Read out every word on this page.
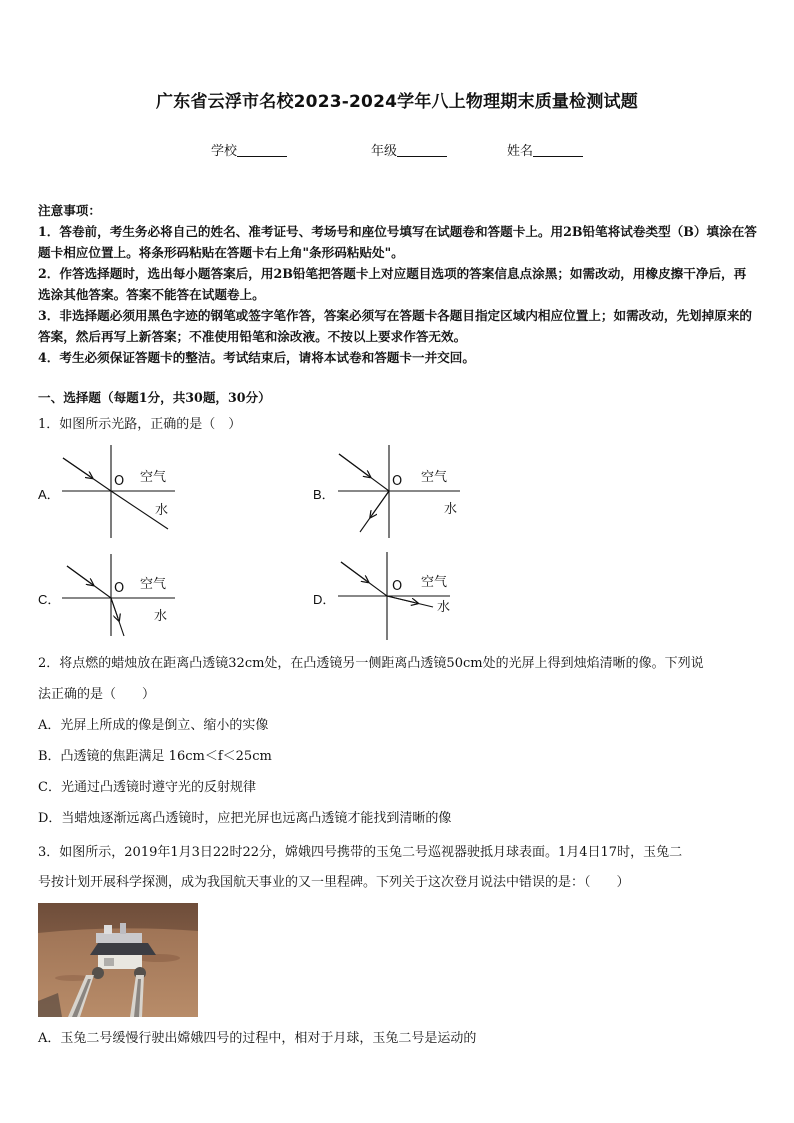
广东省云浮市名校2023-2024学年八上物理期末质量检测试题
学校	年级	姓名
注意事项：
1．答卷前，考生务必将自己的姓名、准考证号、考场号和座位号填写在试题卷和答题卡上。用2B铅笔将试卷类型（B）填涂在答题卡相应位置上。将条形码粘贴在答题卡右上角"条形码粘贴处"。
2．作答选择题时，选出每小题答案后，用2B铅笔把答题卡上对应题目选项的答案信息点涂黑；如需改动，用橡皮擦干净后，再选涂其他答案。答案不能答在试题卷上。
3．非选择题必须用黑色字迹的钢笔或签字笔作答，答案必须写在答题卡各题目指定区域内相应位置上；如需改动，先划掉原来的答案，然后再写上新答案；不准使用铅笔和涂改液。不按以上要求作答无效。
4．考生必须保证答题卡的整洁。考试结束后，请将本试卷和答题卡一并交回。
一、选择题（每题1分，共30题，30分）
1．如图所示光路，正确的是（　）
A．	B．
C．	D．
O 空气
水
O 空气
水
O 空气
水
O 空气
水
2．将点燃的蜡烛放在距离凸透镜32cm处，在凸透镜另一侧距离凸透镜50cm处的光屏上得到烛焰清晰的像。下列说
法正确的是（　　）
A．光屏上所成的像是倒立、缩小的实像
B．凸透镜的焦距满足 16cm＜f＜25cm
C．光通过凸透镜时遵守光的反射规律
D．当蜡烛逐渐远离凸透镜时，应把光屏也远离凸透镜才能找到清晰的像
3．如图所示，2019年1月3日22时22分，嫦娥四号携带的玉兔二号巡视器驶抵月球表面。1月4日17时，玉兔二
号按计划开展科学探测，成为我国航天事业的又一里程碑。下列关于这次登月说法中错误的是：（　　）
A．玉兔二号缓慢行驶出嫦娥四号的过程中，相对于月球，玉兔二号是运动的
